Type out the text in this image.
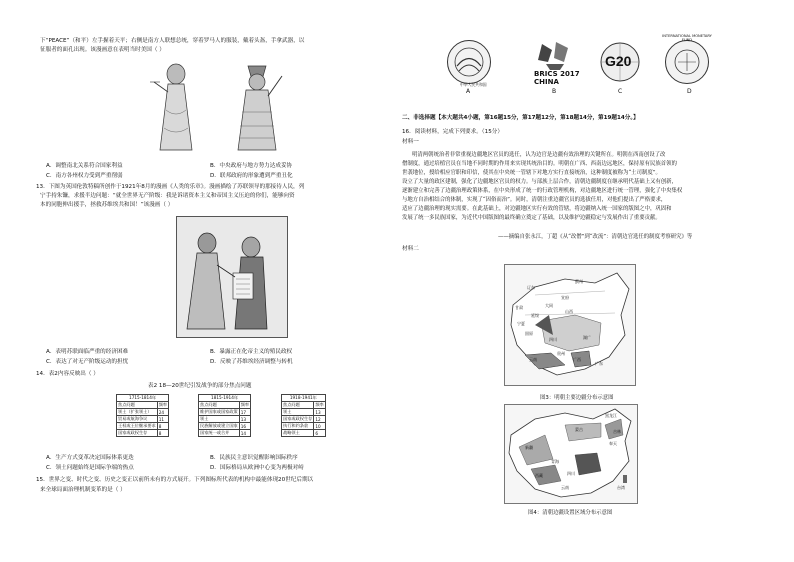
下“PEACE”（和平）左手握着天平；右侧是南方人联想总统，穿着罗马人的服装，戴着头盔，手拿武器，以
征服者的面孔出现。该漫画意在表明当时美国（ ）
A．调整南北关系符合国家利益	B．中央政府与地方势力达成妥协
C．南方各州权力受到严重削弱	D．联邦政府的形象遭到严重丑化
13．下图为英国伦敦特稿所创作于1921年8月的漫画《人类的乐章》。漫画描绘了苏联领导的那接待人民，列
宁手持朱镰，求援半边问题：“就全世界无产阶级：我是诉诸资本主义和帝国主义压迫的你们，能够向资
本的同胞伸出援手，拯救苏维埃共和国！”该漫画（ ）
A．表明苏联面临严重的经济困难	B．暴露正在化帝主义的殖民政权
C．表达了对无产阶级运动的担忧	D．反映了苏维埃经济调整与转机
14．表2内容反映出（ ）
表2 18—20世纪引发战争的部分焦点问题
1715-1814年	
焦点问题	频率
领土（扩张领土）	24
贸易或航海争议	11
王权或王位继承要求	8
国家或政权生存	8
1815-1914年	
焦点问题	频率
维护国家或国家政策	17
领土	13
民族解放或建立国家	16
国家统一或合并	14
1918-1941年	
焦点问题	频率
领土	13
国家或政权生存	12
执行和约条款	10
战略领土	6
A．生产方式变革决定国际体系更迭	B．民族民主意识觉醒影响国际秩序
C．领土问题始终是国际争端的热点	D．国际格局从欧洲中心变为两极对峙
15．世界之变、时代之变、历史之变正以前所未有的方式展开。下列图标所代表的机构中最能体现20世纪后期以
来全球局面治理机制变革的是（ ）
BRICS 2017 CHINA
G20
INTERNATIONAL MONETARY FUND
A	B	C	D
中华人民共和国
二、非选择题【本大题共4小题，第16题15分，第17题12分，第18题14分，第19题14分。】
16．阅读材料，完成下列要求。（15分）
材料一
明清两朝统治者非常重视边疆地区官员的选任，认为边官是边疆有效治理的关键所在。明朝在西南创设了改
僧制度，通过培植官员在当地不同时期的作用来实现其统治目的。明朝在广西、西南边远地区，保持原有民族首领的
世袭地位，授给相应官职和印信，使其在中央统一管辖下对地方实行直接统治，这种制度被称为“土司制度”。
设立了大量的政区建制，强化了边疆地区官员的权力。与部族上层合作，清朝边疆制度在继承明代基础上又有创新，
逐渐建立和完善了边疆治理政策体系，在中央形成了统一的行政管理机构，对边疆地区进行统一管理，强化了中央集权
与地方自治相结合的体制，实现了“因俗而治”。同时，清朝注重边疆官员的选拔任用，对他们提出了严格要求，
适应了边疆治理的现实需要。在此基础上，对边疆地区实行有效的管辖，将边疆纳入统一国家的版图之中，巩固和
发展了统一多民族国家，为近代中国版图的最终确立奠定了基础，以及维护边疆稳定与发展作出了重要贡献。
——摘编自张永江，丁超《从“改僧”到“改流”：清朝边官选任的制度考察研究》等
材料二
辽东
蓟州
宣府
大同
山西
延绥
宁夏
固原
甘肃
四川
云南
贵州
湖广
广西
广东
图3：明朝主要边疆分布示意图
黑龙江
吉林
奉天
蒙古
新疆
青海
西藏	四川
云南	台湾
图4：清朝边疆设置区域分布示意图
